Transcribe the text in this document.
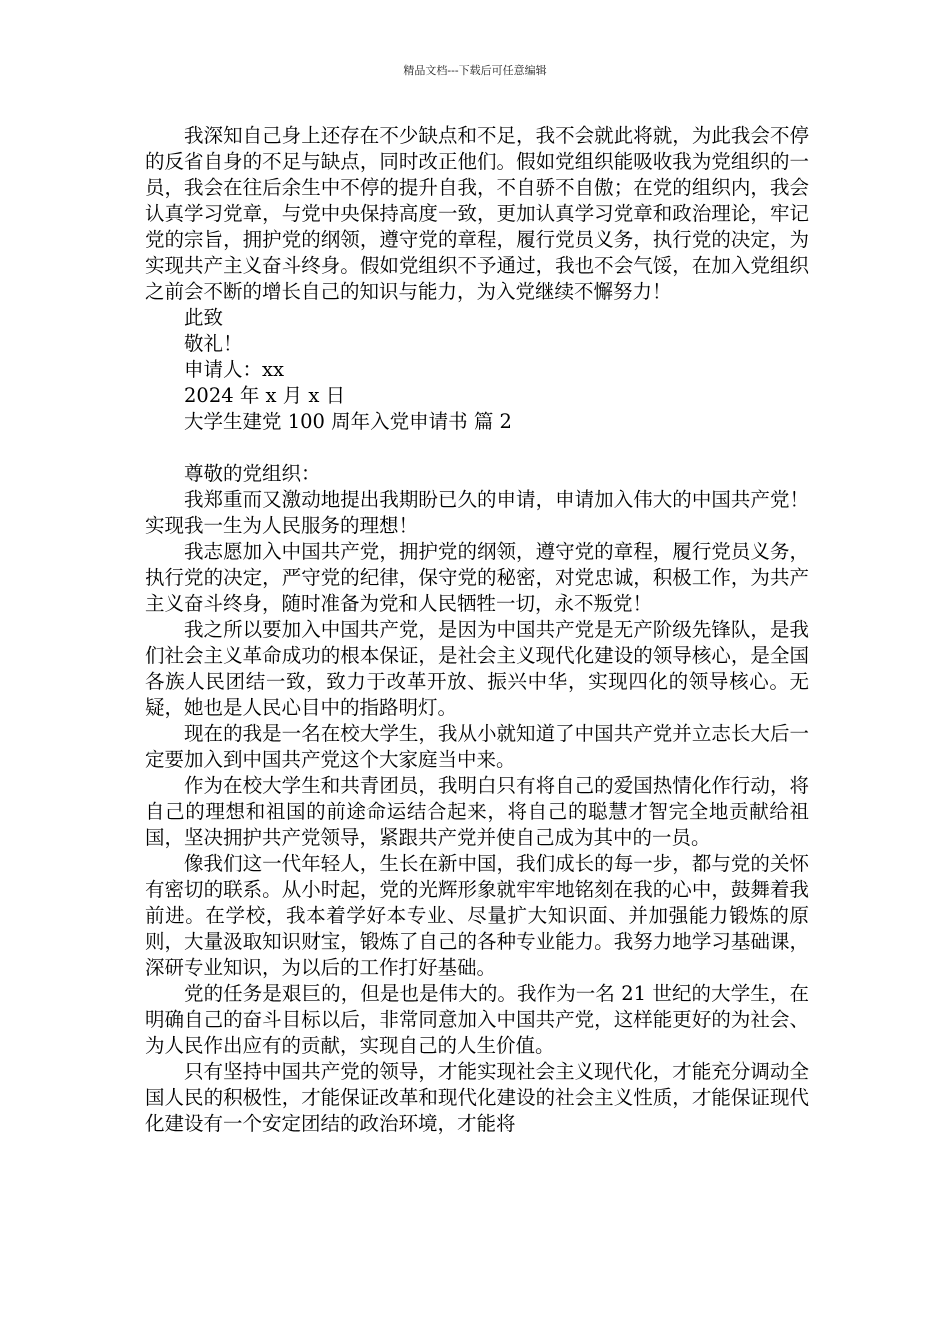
精品文档---下载后可任意编辑

我深知自己身上还存在不少缺点和不足，我不会就此将就，为此我会不停的反省自身的不足与缺点，同时改正他们。假如党组织能吸收我为党组织的一员，我会在往后余生中不停的提升自我，不自骄不自傲；在党的组织内，我会认真学习党章，与党中央保持高度一致，更加认真学习党章和政治理论，牢记党的宗旨，拥护党的纲领，遵守党的章程，履行党员义务，执行党的决定，为实现共产主义奋斗终身。假如党组织不予通过，我也不会气馁，在加入党组织之前会不断的增长自己的知识与能力，为入党继续不懈努力！

此致

敬礼！

申请人：xx

2024 年 x 月 x 日

大学生建党 100 周年入党申请书 篇 2

尊敬的党组织：

我郑重而又激动地提出我期盼已久的申请，申请加入伟大的中国共产党！实现我一生为人民服务的理想！

我志愿加入中国共产党，拥护党的纲领，遵守党的章程，履行党员义务，执行党的决定，严守党的纪律，保守党的秘密，对党忠诚，积极工作，为共产主义奋斗终身，随时准备为党和人民牺牲一切，永不叛党！

我之所以要加入中国共产党，是因为中国共产党是无产阶级先锋队，是我们社会主义革命成功的根本保证，是社会主义现代化建设的领导核心，是全国各族人民团结一致，致力于改革开放、振兴中华，实现四化的领导核心。无疑，她也是人民心目中的指路明灯。

现在的我是一名在校大学生，我从小就知道了中国共产党并立志长大后一定要加入到中国共产党这个大家庭当中来。

作为在校大学生和共青团员，我明白只有将自己的爱国热情化作行动，将自己的理想和祖国的前途命运结合起来，将自己的聪慧才智完全地贡献给祖国，坚决拥护共产党领导，紧跟共产党并使自己成为其中的一员。

像我们这一代年轻人，生长在新中国，我们成长的每一步，都与党的关怀有密切的联系。从小时起，党的光辉形象就牢牢地铭刻在我的心中，鼓舞着我前进。在学校，我本着学好本专业、尽量扩大知识面、并加强能力锻炼的原则，大量汲取知识财宝，锻炼了自己的各种专业能力。我努力地学习基础课，深研专业知识，为以后的工作打好基础。

党的任务是艰巨的，但是也是伟大的。我作为一名 21 世纪的大学生，在明确自己的奋斗目标以后，非常同意加入中国共产党，这样能更好的为社会、为人民作出应有的贡献，实现自己的人生价值。

只有坚持中国共产党的领导，才能实现社会主义现代化，才能充分调动全国人民的积极性，才能保证改革和现代化建设的社会主义性质，才能保证现代化建设有一个安定团结的政治环境，才能将
